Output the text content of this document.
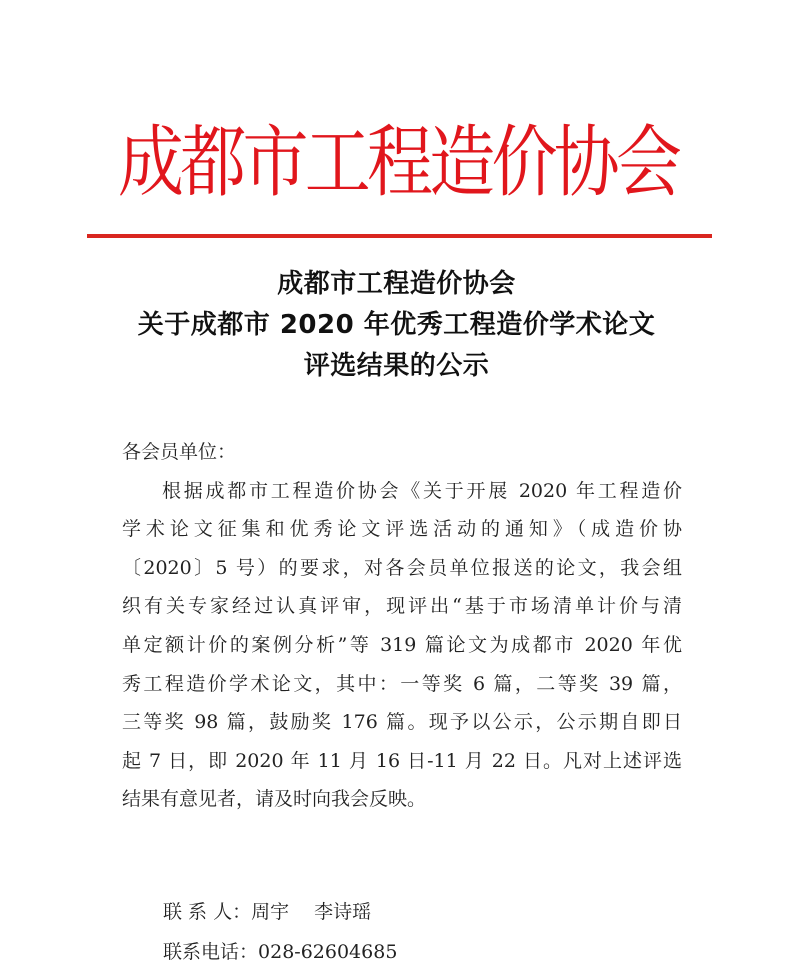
成
都
市
工
程
造
价
协
会
成都市工程造价协会
关于成都市 2020 年优秀工程造价学术论文
评选结果的公示
各会员单位：
根据成都市工程造价协会《关于开展 2020 年工程造价
学术论文征集和优秀论文评选活动的通知》（成造价协
〔2020〕5 号）的要求，对各会员单位报送的论文，我会组
织有关专家经过认真评审，现评出“基于市场清单计价与清
单定额计价的案例分析”等 319 篇论文为成都市 2020 年优
秀工程造价学术论文，其中：一等奖 6 篇，二等奖 39 篇，
三等奖 98 篇，鼓励奖 176 篇。现予以公示，公示期自即日
起 7 日，即 2020 年 11 月 16 日-11 月 22 日。凡对上述评选
结果有意见者，请及时向我会反映。
联 系 人：周宇　 李诗瑶
联系电话：028-62604685
